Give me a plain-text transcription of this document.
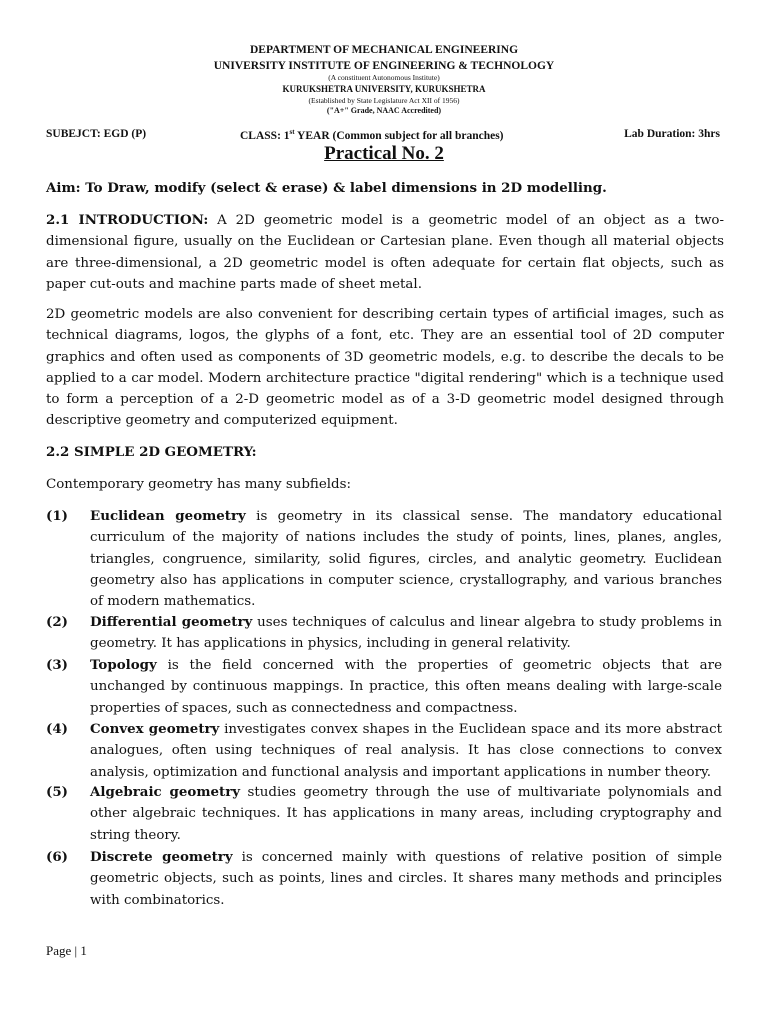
DEPARTMENT OF MECHANICAL ENGINEERING
UNIVERSITY INSTITUTE OF ENGINEERING & TECHNOLOGY
(A constituent Autonomous Institute)
KURUKSHETRA UNIVERSITY, KURUKSHETRA
(Established by State Legislature Act XII of 1956)
("A+" Grade, NAAC Accredited)
SUBEJCT: EGD (P)	CLASS: 1st YEAR (Common subject for all branches)	Lab Duration: 3hrs
Practical No. 2
Aim: To Draw, modify (select & erase) & label dimensions in 2D modelling.
2.1 INTRODUCTION: A 2D geometric model is a geometric model of an object as a two-dimensional figure, usually on the Euclidean or Cartesian plane. Even though all material objects are three-dimensional, a 2D geometric model is often adequate for certain flat objects, such as paper cut-outs and machine parts made of sheet metal.
2D geometric models are also convenient for describing certain types of artificial images, such as technical diagrams, logos, the glyphs of a font, etc. They are an essential tool of 2D computer graphics and often used as components of 3D geometric models, e.g. to describe the decals to be applied to a car model. Modern architecture practice "digital rendering" which is a technique used to form a perception of a 2-D geometric model as of a 3-D geometric model designed through descriptive geometry and computerized equipment.
2.2 SIMPLE 2D GEOMETRY:
Contemporary geometry has many subfields:
(1) Euclidean geometry is geometry in its classical sense. The mandatory educational curriculum of the majority of nations includes the study of points, lines, planes, angles, triangles, congruence, similarity, solid figures, circles, and analytic geometry. Euclidean geometry also has applications in computer science, crystallography, and various branches of modern mathematics.
(2) Differential geometry uses techniques of calculus and linear algebra to study problems in geometry. It has applications in physics, including in general relativity.
(3) Topology is the field concerned with the properties of geometric objects that are unchanged by continuous mappings. In practice, this often means dealing with large-scale properties of spaces, such as connectedness and compactness.
(4) Convex geometry investigates convex shapes in the Euclidean space and its more abstract analogues, often using techniques of real analysis. It has close connections to convex analysis, optimization and functional analysis and important applications in number theory.
(5) Algebraic geometry studies geometry through the use of multivariate polynomials and other algebraic techniques. It has applications in many areas, including cryptography and string theory.
(6) Discrete geometry is concerned mainly with questions of relative position of simple geometric objects, such as points, lines and circles. It shares many methods and principles with combinatorics.
Page | 1
